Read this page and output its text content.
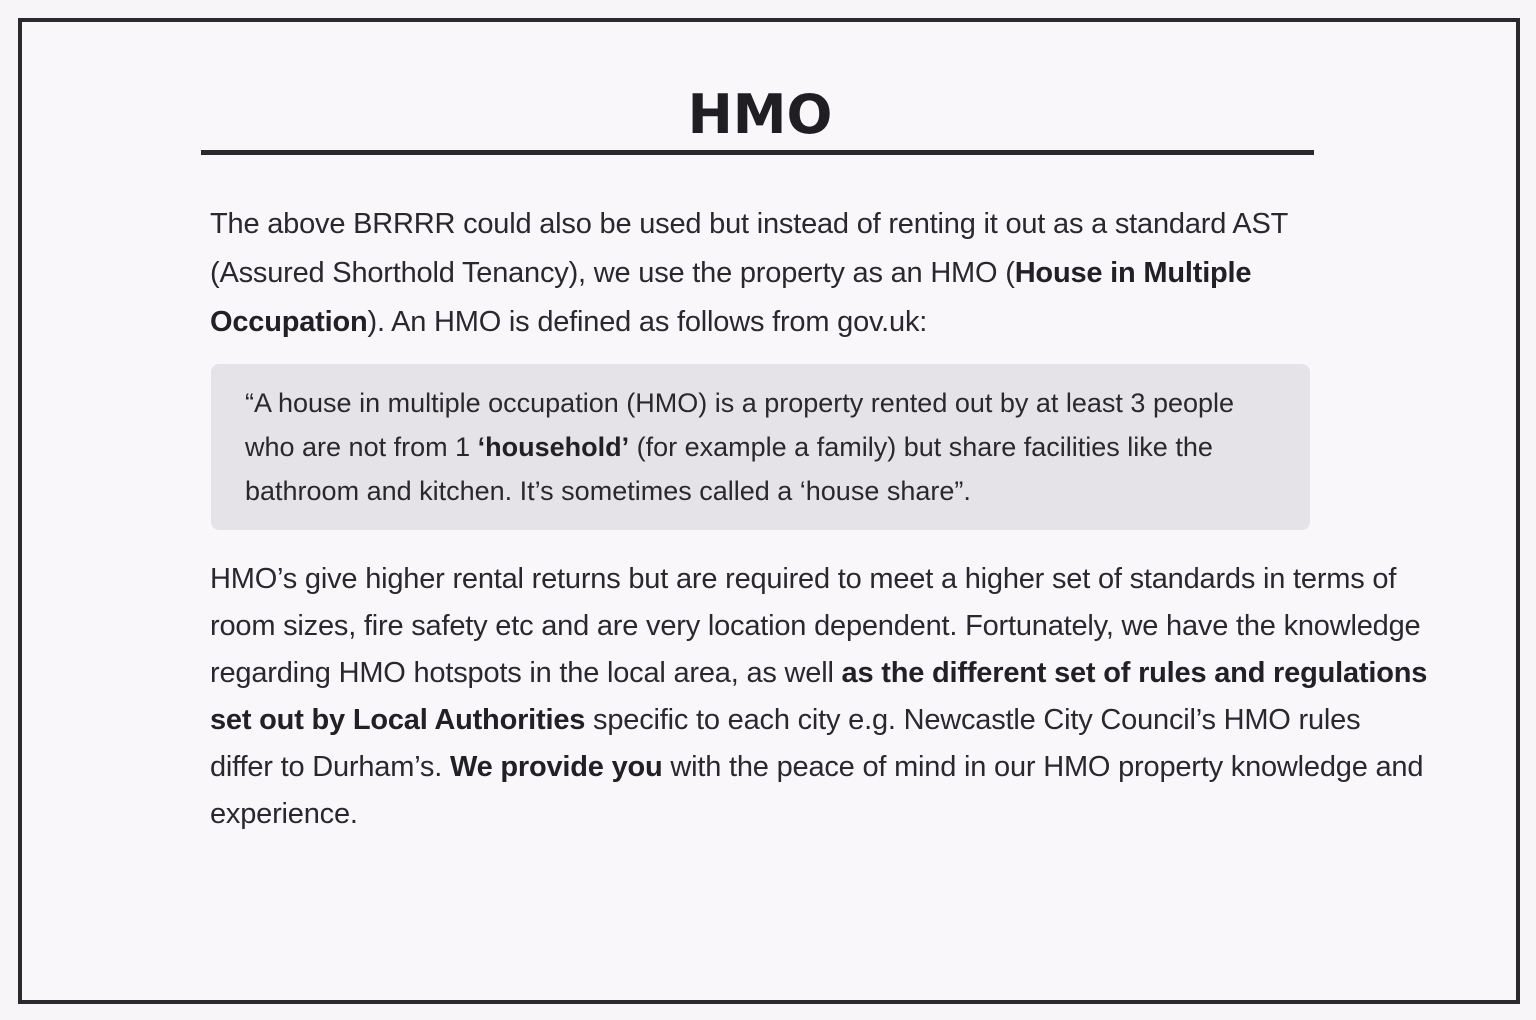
HMO

The above BRRRR could also be used but instead of renting it out as a standard AST (Assured Shorthold Tenancy), we use the property as an HMO (House in Multiple Occupation). An HMO is defined as follows from gov.uk:

“A house in multiple occupation (HMO) is a property rented out by at least 3 people who are not from 1 ‘household’ (for example a family) but share facilities like the bathroom and kitchen. It’s sometimes called a ‘house share”.

HMO’s give higher rental returns but are required to meet a higher set of standards in terms of room sizes, fire safety etc and are very location dependent. Fortunately, we have the knowledge regarding HMO hotspots in the local area, as well as the different set of rules and regulations set out by Local Authorities specific to each city e.g. Newcastle City Council’s HMO rules differ to Durham’s. We provide you with the peace of mind in our HMO property knowledge and experience.
